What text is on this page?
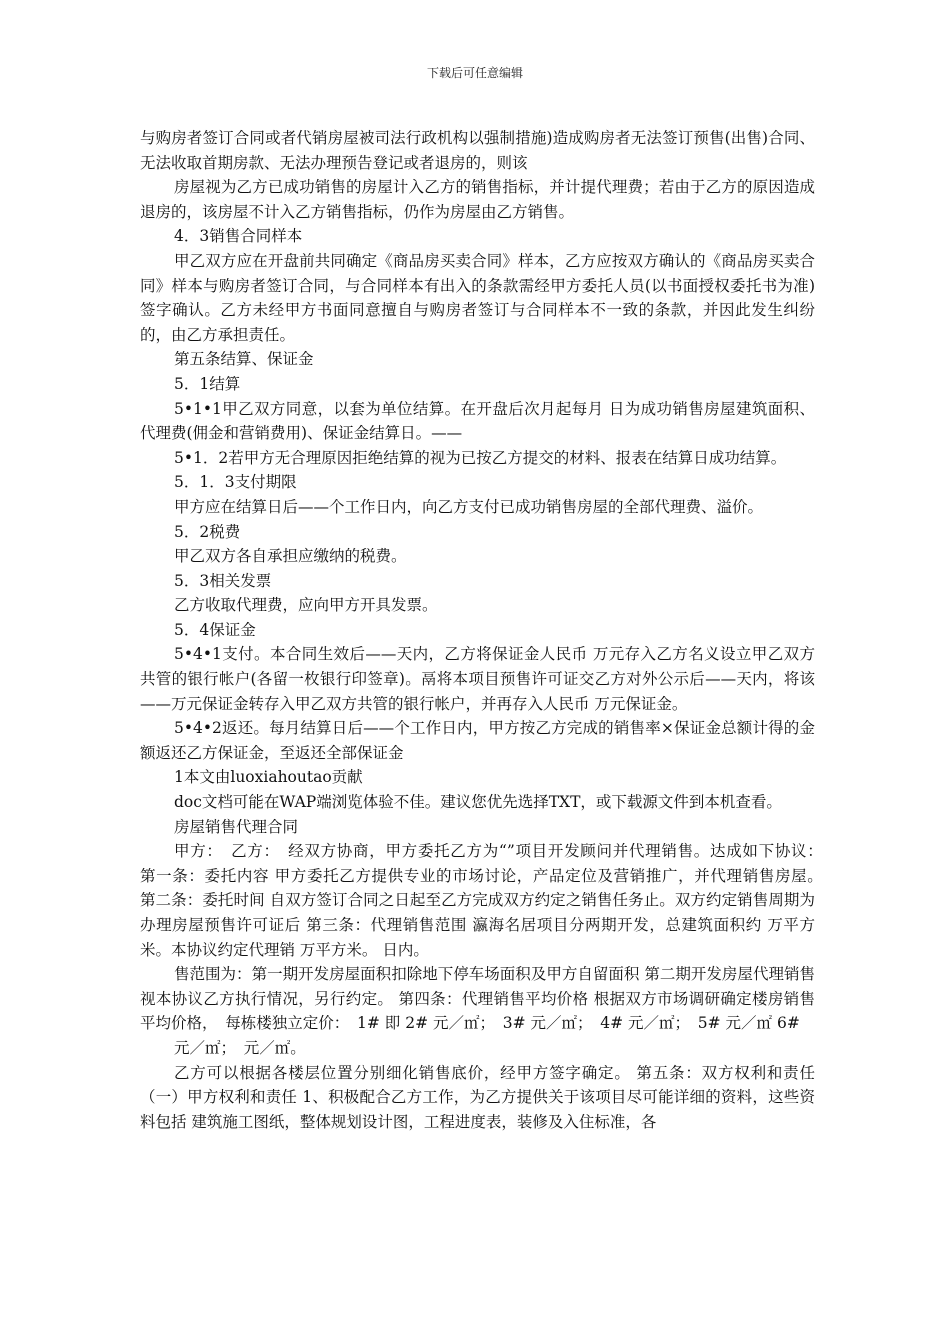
下载后可任意编辑

与购房者签订合同或者代销房屋被司法行政机构以强制措施)造成购房者无法签订预售(出售)合同、无法收取首期房款、无法办理预告登记或者退房的，则该

房屋视为乙方已成功销售的房屋计入乙方的销售指标，并计提代理费；若由于乙方的原因造成退房的，该房屋不计入乙方销售指标，仍作为房屋由乙方销售。

4．3销售合同样本

甲乙双方应在开盘前共同确定《商品房买卖合同》样本，乙方应按双方确认的《商品房买卖合同》样本与购房者签订合同，与合同样本有出入的条款需经甲方委托人员(以书面授权委托书为准)签字确认。乙方未经甲方书面同意擅自与购房者签订与合同样本不一致的条款，并因此发生纠纷的，由乙方承担责任。

第五条结算、保证金

5．1结算

5•1•1甲乙双方同意，以套为单位结算。在开盘后次月起每月 日为成功销售房屋建筑面积、代理费(佣金和营销费用)、保证金结算日。——

5•1．2若甲方无合理原因拒绝结算的视为已按乙方提交的材料、报表在结算日成功结算。

5．1．3支付期限

甲方应在结算日后——个工作日内，向乙方支付已成功销售房屋的全部代理费、溢价。

5．2税费

甲乙双方各自承担应缴纳的税费。

5．3相关发票

乙方收取代理费，应向甲方开具发票。

5．4保证金

5•4•1支付。本合同生效后——天内，乙方将保证金人民币 万元存入乙方名义设立甲乙双方共管的银行帐户(各留一枚银行印签章)。鬲将本项目预售许可证交乙方对外公示后——天内，将该——万元保证金转存入甲乙双方共管的银行帐户，并再存入人民币 万元保证金。

5•4•2返还。每月结算日后——个工作日内，甲方按乙方完成的销售率×保证金总额计得的金额返还乙方保证金，至返还全部保证金

1本文由luoxiahoutao贡献

doc文档可能在WAP端浏览体验不佳。建议您优先选择TXT，或下载源文件到本机查看。

房屋销售代理合同

甲方：　乙方：　经双方协商，甲方委托乙方为“”项目开发顾问并代理销售。达成如下协议：　第一条：委托内容 甲方委托乙方提供专业的市场讨论，产品定位及营销推广，并代理销售房屋。　第二条：委托时间 自双方签订合同之日起至乙方完成双方约定之销售任务止。双方约定销售周期为 办理房屋预售许可证后 第三条：代理销售范围 瀛海名居项目分两期开发，总建筑面积约 万平方米。本协议约定代理销 万平方米。 日内。

售范围为：第一期开发房屋面积扣除地下停车场面积及甲方自留面积 第二期开发房屋代理销售视本协议乙方执行情况，另行约定。 第四条：代理销售平均价格 根据双方市场调研确定楼房销售平均价格，　每栋楼独立定价：　1# 即 2# 元／㎡；　3# 元／㎡；　4# 元／㎡；　5# 元／㎡ 6#

元／㎡；　元／㎡。

乙方可以根据各楼层位置分别细化销售底价，经甲方签字确定。 第五条：双方权利和责任 （一）甲方权利和责任 1、积极配合乙方工作，为乙方提供关于该项目尽可能详细的资料，这些资料包括 建筑施工图纸，整体规划设计图，工程进度表，装修及入住标准，各
